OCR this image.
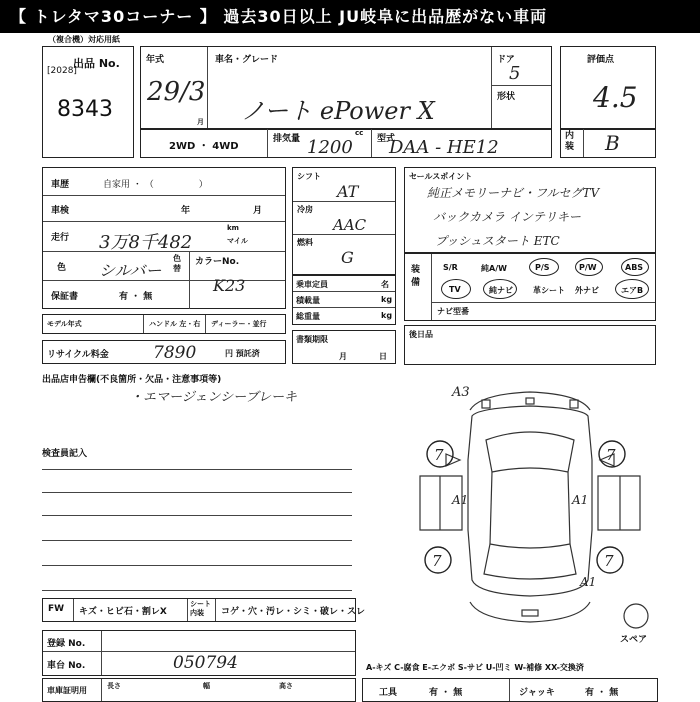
【 トレタマ30コーナー 】 過去30日以上 JU岐阜に出品歴がない車両
（複合機）対応用紙
出品 No.
[2028]
8343
年式
29/3
月
車名・グレード
ノート ePower X
ドア
5
形状
評価点
4.5
内装 B
2WD ・ 4WD
排気量 1200
cc
型式
DAA - HE12
車歴	自家用 ・ （　　　　　）
車検	年	月
走行 3万8千482
km
マイル
色 シルバー
色替
カラーNo.
K23
保証書	有 ・ 無
モデル年式	ハンドル 左・右 ディーラー・並行
リサイクル料金	7890	円 預託済
シフト
AT
冷房
AAC
燃料
G
乗車定員	名
積載量	kg
総重量	kg
書類期限
月	日
セールスポイント
純正メモリーナビ・フルセグTV
バックカメラ インテリキー
プッシュスタート ETC
装備
S/R	純A/W	P/S	P/W	ABS
TV	純ナビ	革シート 外ナビ	エアB
ナビ型番
後日品
出品店申告欄(不良箇所・欠品・注意事項等)
・エマージェンシーブレーキ
検査員記入
FW キズ・ヒビ石・割レX
シート内装	コゲ・穴・汚レ・シミ・破レ・スレ
登録 No.
車台 No.	050794
車庫証明用	長さ	幅	高さ
A-キズ C-腐食 E-エクボ S-サビ U-凹ミ W-補修 XX-交換済
工具	有 ・ 無	ジャッキ	有 ・ 無
A3
7	7
A1	A1
7	7
A1
スペア
